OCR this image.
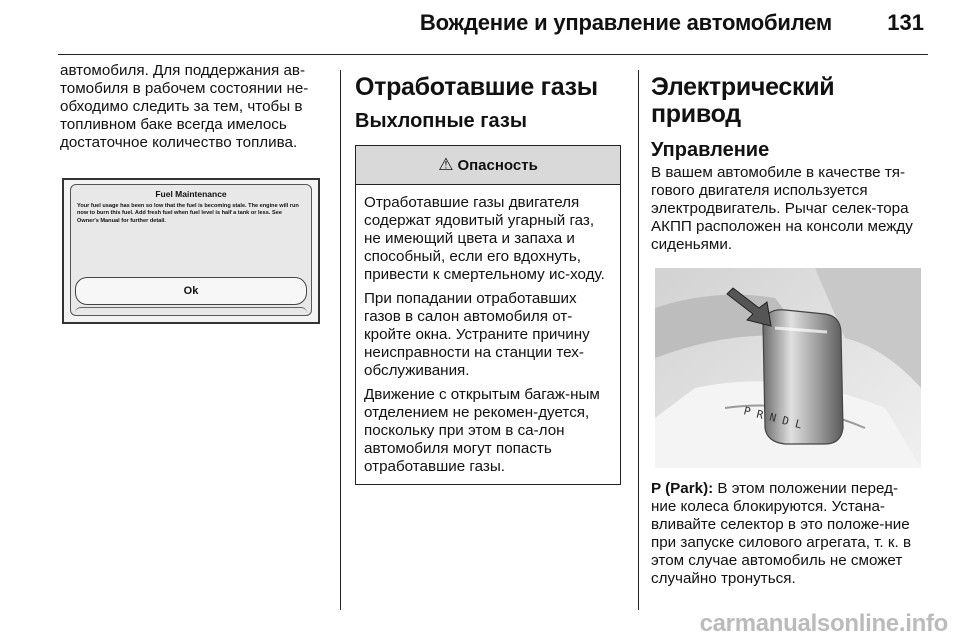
Вождение и управление автомобилем	131

автомобиля. Для поддержания ав-томобиля в рабочем состоянии не-обходимо следить за тем, чтобы в топливном баке всегда имелось достаточное количество топлива.

Fuel Maintenance
Your fuel usage has been so low that the fuel is becoming stale. The engine will run now to burn this fuel. Add fresh fuel when fuel level is half a tank or less. See Owner's Manual for further detail.
Ok
Отработавшие газы
Выхлопные газы
⚠ Опасность

Отработавшие газы двигателя содержат ядовитый угарный газ, не имеющий цвета и запаха и способный, если его вдохнуть, привести к смертельному ис-ходу.

При попадании отработавших газов в салон автомобиля от-кройте окна. Устраните причину неисправности на станции тех-обслуживания.

Движение с открытым багаж-ным отделением не рекомен-дуется, поскольку при этом в са-лон автомобиля могут попасть отработавшие газы.

Электрический привод
Управление

В вашем автомобиле в качестве тя-гового двигателя используется электродвигатель. Рычаг селек-тора АКПП расположен на консоли между сиденьями.

P R N D L

P (Park): В этом положении перед-ние колеса блокируются. Устана-вливайте селектор в это положе-ние при запуске силового агрегата, т. к. в этом случае автомобиль не сможет случайно тронуться.

carmanualsonline.info
